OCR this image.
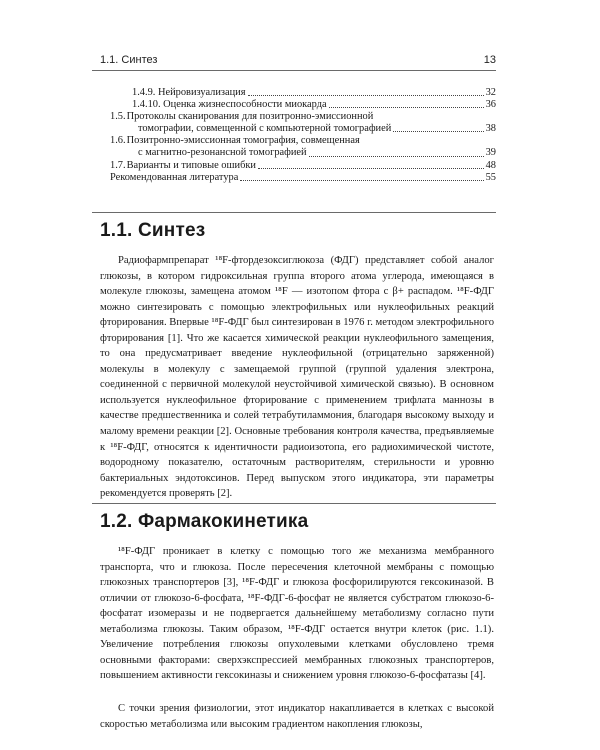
1.1. Синтез	13
1.4.9. Нейровизуализация	32
1.4.10. Оценка жизнеспособности миокарда	36
1.5. Протоколы сканирования для позитронно-эмиссионной
томографии, совмещенной с компьютерной томографией	38
1.6. Позитронно-эмиссионная томография, совмещенная
с магнитно-резонансной томографией	39
1.7. Варианты и типовые ошибки	48
Рекомендованная литература	55
1.1. Синтез

Радиофармпрепарат ¹⁸F-фтордезоксиглюкоза (ФДГ) представляет собой аналог глюкозы, в котором гидроксильная группа второго атома углерода, имеющаяся в молекуле глюкозы, замещена атомом ¹⁸F — изотопом фтора с β+ распадом. ¹⁸F-ФДГ можно синтезировать с помощью электрофильных или нуклеофильных реакций фторирования. Впервые ¹⁸F-ФДГ был синтезирован в 1976 г. методом электрофильного фторирования [1]. Что же касается химической реакции нуклеофильного замещения, то она предусматривает введение нуклеофильной (отрицательно заряженной) молекулы в молекулу с замещаемой группой (группой удаления электрона, соединенной с первичной молекулой неустойчивой химической связью). В основном используется нуклеофильное фторирование с применением трифлата маннозы в качестве предшественника и солей тетрабутиламмония, благодаря высокому выходу и малому времени реакции [2]. Основные требования контроля качества, предъявляемые к ¹⁸F-ФДГ, относятся к идентичности радиоизотопа, его радиохимической чистоте, водородному показателю, остаточным растворителям, стерильности и уровню бактериальных эндотоксинов. Перед выпуском этого индикатора, эти параметры рекомендуется проверять [2].

1.2. Фармакокинетика

¹⁸F-ФДГ проникает в клетку с помощью того же механизма мембранного транспорта, что и глюкоза. После пересечения клеточной мембраны с помощью глюкозных транспортеров [3], ¹⁸F-ФДГ и глюкоза фосфорилируются гексокиназой. В отличии от глюкозо-6-фосфата, ¹⁸F-ФДГ-6-фосфат не является субстратом глюкозо-6-фосфатат изомеразы и не подвергается дальнейшему метаболизму согласно пути метаболизма глюкозы. Таким образом, ¹⁸F-ФДГ остается внутри клеток (рис. 1.1). Увеличение потребления глюкозы опухолевыми клетками обусловлено тремя основными факторами: сверхэкспрессией мембранных глюкозных транспортеров, повышением активности гексокиназы и снижением уровня глюкозо-6-фосфатазы [4].

С точки зрения физиологии, этот индикатор накапливается в клетках с высокой скоростью метаболизма или высоким градиентом накопления глюкозы,
